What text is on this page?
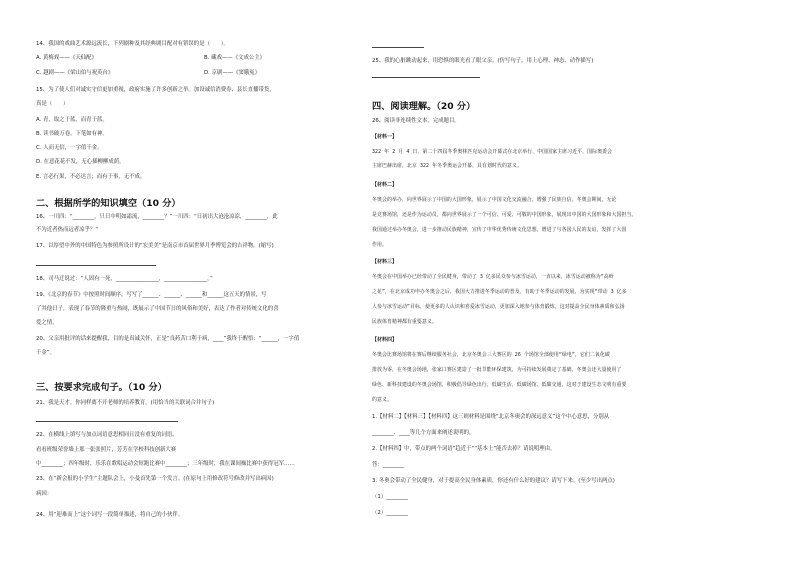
14、我国的戏曲艺术源远流长，下列剧种及其经典剧目配对有错误的是（　　）。
A. 黄梅戏——《天仙配》	B. 藏戏——《文成公主》
C. 越剧——《梁山伯与祝英台》	D. 京剧——《窦娥冤》
15、为了使人们对诚实守信更加重视，政府实施了许多创新之举。加设诚信消费券、县长直播带货，
真是（　　）
A. 青，取之于蓝，而青于蓝。
B. 读书破万卷，下笔如有神。
C. 人而无信，一字值千金。
D. 在意花花不发，无心插柳柳成荫。
E. 言必行果，不必达言；而有于事，无不成。
二、根据所学的知识填空（10 分）
16、一川四：“________，只日中明如霜流，________？”一川四：“日初出大沧沧凉凉，________，此
不为近者热而远者凉乎？”
17、以厚望中外的中国特色为参照所设计的“宏美美”是南京市首届世界月季博览会的吉祥物。(缩写)
18、司马迁说过：“人固有一死，________________，________________。”
19、《北京的春节》中按照时间顺序，写写了______、______、______和______这五天的情景，写
了其他日子，表现了春节的隆重与热闹，既展示了中国节日的风俗和美好，表达了作者对传统文化的喜
爱之情。
20、父亲用批评的话来提醒我，目的是真诚关怀，正是“良药苦口利于病，____”我终于醒悟：“______，一字值
千金”。
三、按要求完成句子。（10 分）
21、我是天才。你同样离不开老师的培养教育。(用恰当的关联词合并句子)
22、在横线上填写与加点词语意思相同且没有重复的词语。
看看班级荣誉墙上那一张张照片，芳芳在学校科技创新大赛
中________；四年级时，乐乐在歌唱运动会短跑比赛中________；三年级时，我在课间操比赛中获得冠军……
23、在“新会报的小学生”主题队会上，小曼首先第一个发言。(在原句上用修改符号修改并写出病因)
病因：
24、用“迎难而上”这个词写一段简单描述，将自己的小伙伴。
25、我的心脏跳动起来，用恐惧的眼光看了眼父亲。(仿写句子，用上心理、神态、动作描写)
四、阅读理解。（20 分）
26、阅读非连续性文本，完成题目。
【材料一】
322 年 2 月 4 日，第二十四届冬季奥林匹克运动会开幕式在北京举行，中国国家主席习近平，国际奥委会
主席巴赫出席，北京 322 年冬季奥运会开幕，具有划时代的意义。
【材料二】
冬奥会的举办，向世界展示了中国的大国形象，展示了中国文化交流融合，增强了民族自信，冬奥会期间，无论
是竞赛场馆，还是作为运动员，都向世界展示了一个可信、可爱、可敬的中国形象，展现出中国的大国形象和大国担当。
我国通过举办冬奥会，进一步推动民族精神，宣传了中华优秀传统文化思想，增进了与各国人民的友谊，发挥了大国
作用。
【材料三】
冬奥会在中国举办已经带动了全民健身，带动了 3 亿多民众参与冰雪运动，一直以来，冰雪运动被称为“高岭
之花”，在北京成功申办冬奥会之后，我国大力推进冬季运动的普及，有助于冬季运动的发展，为实现“带动 3 亿多
人参与冰雪运动”目标，使更多的人认识和喜爱冰雪运动，更加深入地参与体育锻炼，这对提高全民身体素质和弘扬
民族体育精神都有重要意义。
【材料四】
冬奥会比赛场馆将在赛后继续服务社会，北京冬奥会三大赛区的 26 个场馆全部使用“绿电”，它们二氧化碳
排放为零，在冬奥会场地，张家口赛区建造了一批节能环保建筑，为可持续发展奠定了基础，冬奥会还大量使用了
绿色、新科技建设的冬奥会场馆，积极倡导绿色出行，低碳生活，低碳场馆、低碳交通，这对于建设生态文明有重要
的意义。
1.【材料二】【材料三】【材料四】这三则材料是围绕“北京冬奥会的深远意义”这个中心意思，分别从
________、____等几个方面来阐述说明的。
2.【材料四】中，带点的两个词语“趋近于”“基本上”能否去掉？请说明理由。
答：________
3. 冬奥会带动了全民健身，对于提高全民身体素质，你还有什么好的建议？请写下来。(至少写出两点)
（1）________
（2）________
